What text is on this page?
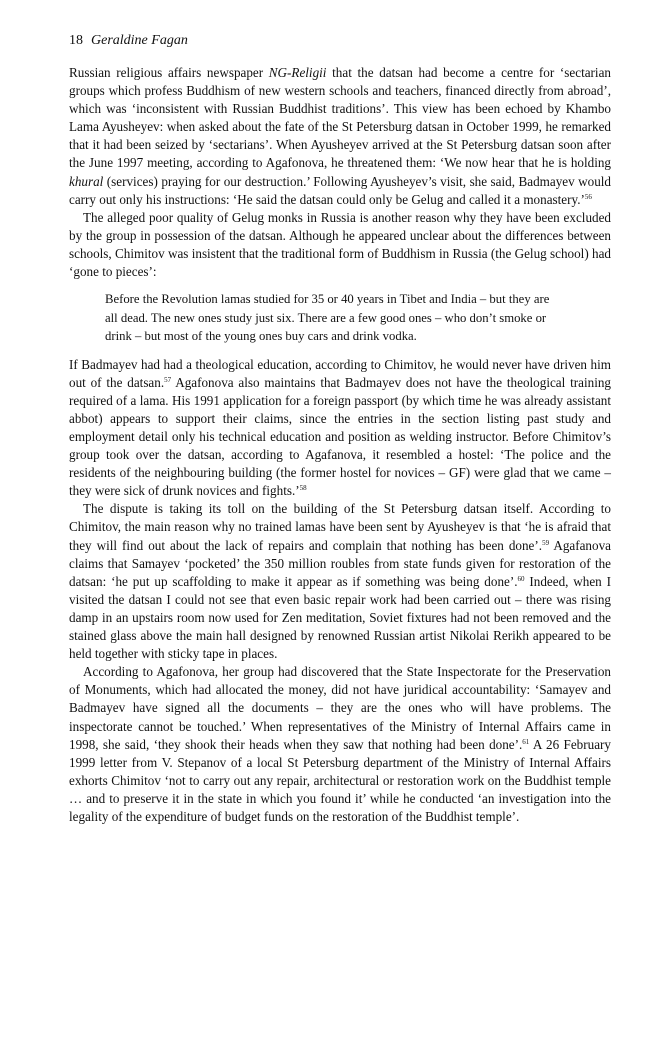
18 Geraldine Fagan

Russian religious affairs newspaper NG-Religii that the datsan had become a centre for ‘sectarian groups which profess Buddhism of new western schools and teachers, financed directly from abroad’, which was ‘inconsistent with Russian Buddhist traditions’. This view has been echoed by Khambo Lama Ayusheyev: when asked about the fate of the St Petersburg datsan in October 1999, he remarked that it had been seized by ‘sectarians’. When Ayusheyev arrived at the St Petersburg datsan soon after the June 1997 meeting, according to Agafonova, he threatened them: ‘We now hear that he is holding khural (services) praying for our destruction.’ Following Ayusheyev’s visit, she said, Badmayev would carry out only his instructions: ‘He said the datsan could only be Gelug and called it a monastery.’$^{56}$

The alleged poor quality of Gelug monks in Russia is another reason why they have been excluded by the group in possession of the datsan. Although he appeared unclear about the differences between schools, Chimitov was insistent that the traditional form of Buddhism in Russia (the Gelug school) had ‘gone to pieces’:

Before the Revolution lamas studied for 35 or 40 years in Tibet and India – but they are all dead. The new ones study just six. There are a few good ones – who don’t smoke or drink – but most of the young ones buy cars and drink vodka.

If Badmayev had had a theological education, according to Chimitov, he would never have driven him out of the datsan.$^{57}$ Agafonova also maintains that Badmayev does not have the theological training required of a lama. His 1991 application for a foreign passport (by which time he was already assistant abbot) appears to support their claims, since the entries in the section listing past study and employment detail only his technical education and position as welding instructor. Before Chimitov’s group took over the datsan, according to Agafanova, it resembled a hostel: ‘The police and the residents of the neighbouring building (the former hostel for novices – GF) were glad that we came – they were sick of drunk novices and fights.’$^{58}$

The dispute is taking its toll on the building of the St Petersburg datsan itself. According to Chimitov, the main reason why no trained lamas have been sent by Ayusheyev is that ‘he is afraid that they will find out about the lack of repairs and complain that nothing has been done’.$^{59}$ Agafanova claims that Samayev ‘pocketed’ the 350 million roubles from state funds given for restoration of the datsan: ‘he put up scaffolding to make it appear as if something was being done’.$^{60}$ Indeed, when I visited the datsan I could not see that even basic repair work had been carried out – there was rising damp in an upstairs room now used for Zen meditation, Soviet fixtures had not been removed and the stained glass above the main hall designed by renowned Russian artist Nikolai Rerikh appeared to be held together with sticky tape in places.

According to Agafonova, her group had discovered that the State Inspectorate for the Preservation of Monuments, which had allocated the money, did not have juridical accountability: ‘Samayev and Badmayev have signed all the documents – they are the ones who will have problems. The inspectorate cannot be touched.’ When representatives of the Ministry of Internal Affairs came in 1998, she said, ‘they shook their heads when they saw that nothing had been done’.$^{61}$ A 26 February 1999 letter from V. Stepanov of a local St Petersburg department of the Ministry of Internal Affairs exhorts Chimitov ‘not to carry out any repair, architectural or restoration work on the Buddhist temple … and to preserve it in the state in which you found it’ while he conducted ‘an investigation into the legality of the expenditure of budget funds on the restoration of the Buddhist temple’.
